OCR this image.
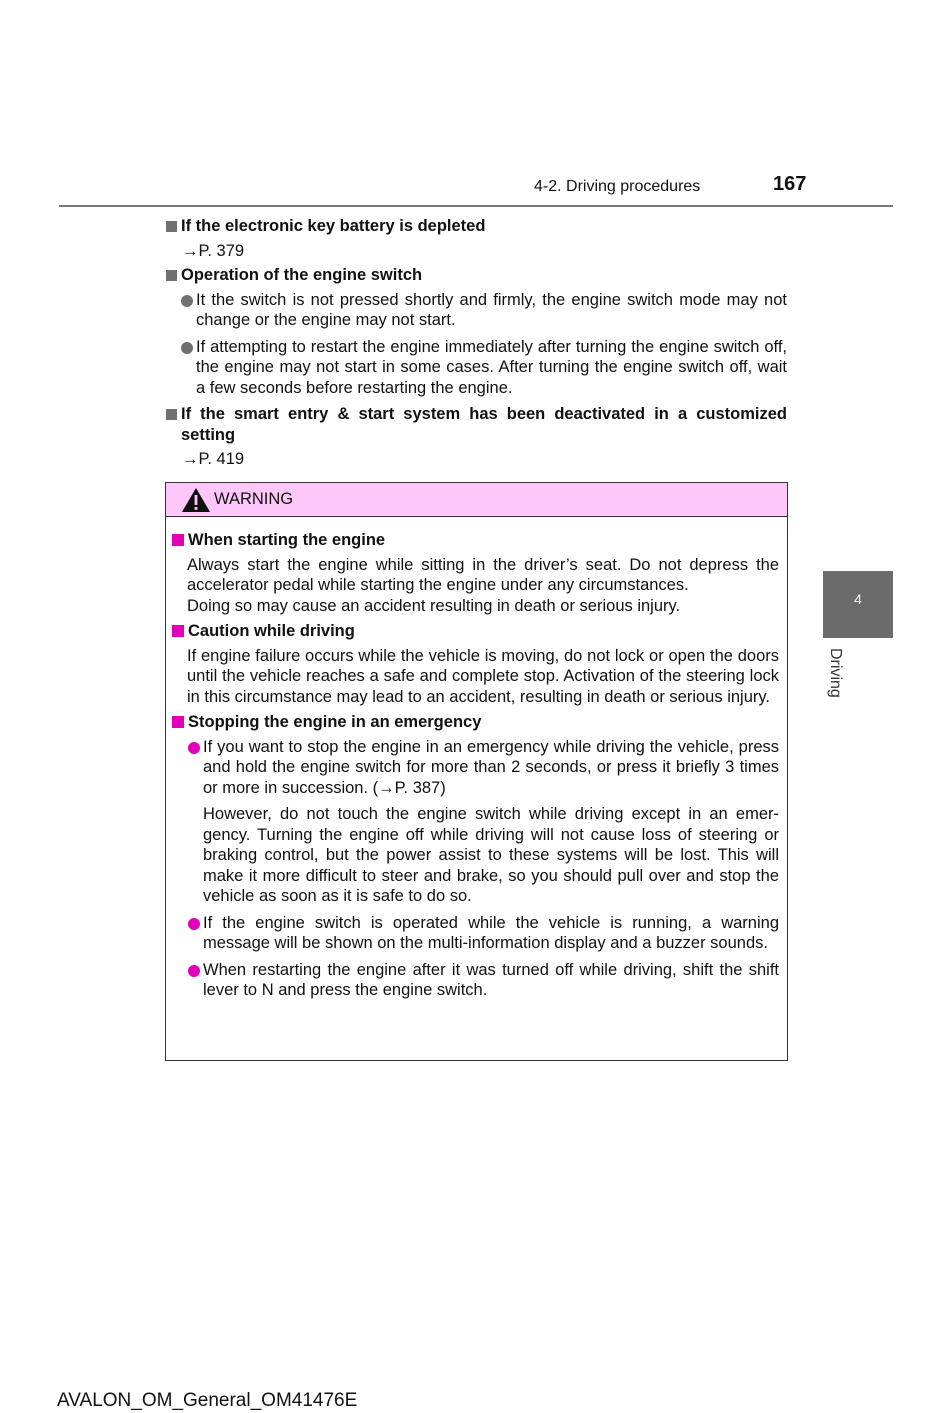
4-2. Driving procedures	167
4
Driving
If the electronic key battery is depleted
→P. 379
Operation of the engine switch
It the switch is not pressed shortly and firmly, the engine switch mode may not change or the engine may not start.
If attempting to restart the engine immediately after turning the engine switch off, the engine may not start in some cases. After turning the engine switch off, wait a few seconds before restarting the engine.
If the smart entry & start system has been deactivated in a customized setting
→P. 419
WARNING
When starting the engine
Always start the engine while sitting in the driver’s seat. Do not depress the accelerator pedal while starting the engine under any circumstances.
Doing so may cause an accident resulting in death or serious injury.
Caution while driving
If engine failure occurs while the vehicle is moving, do not lock or open the doors until the vehicle reaches a safe and complete stop. Activation of the steering lock in this circumstance may lead to an accident, resulting in death or serious injury.
Stopping the engine in an emergency
If you want to stop the engine in an emergency while driving the vehicle, press and hold the engine switch for more than 2 seconds, or press it briefly 3 times or more in succession. (→P. 387)
However, do not touch the engine switch while driving except in an emer-gency. Turning the engine off while driving will not cause loss of steering or braking control, but the power assist to these systems will be lost. This will make it more difficult to steer and brake, so you should pull over and stop the vehicle as soon as it is safe to do so.
If the engine switch is operated while the vehicle is running, a warning message will be shown on the multi-information display and a buzzer sounds.
When restarting the engine after it was turned off while driving, shift the shift lever to N and press the engine switch.
AVALON_OM_General_OM41476E
